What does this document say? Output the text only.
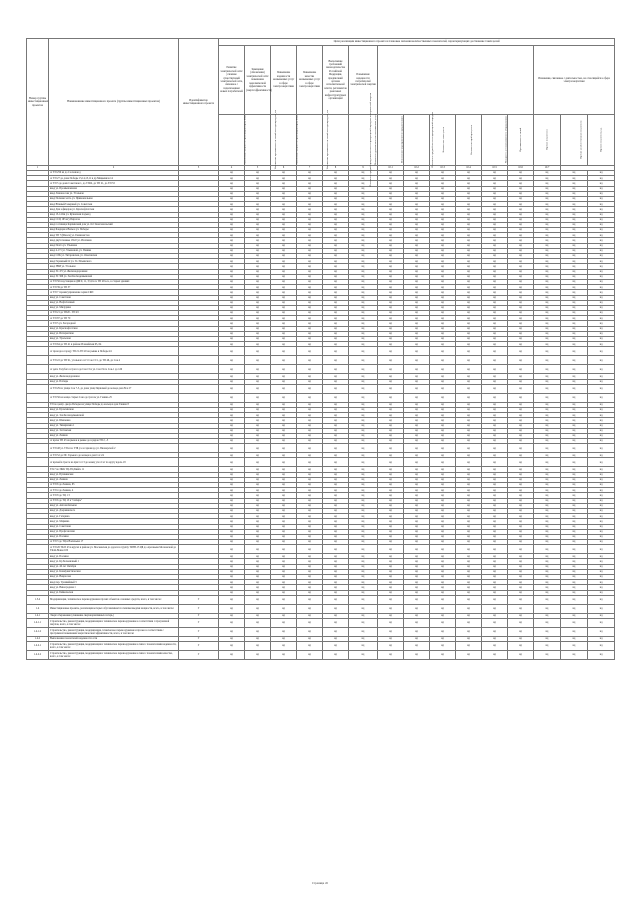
Номер группы инвестиционных проектов	Наименование инвестиционного проекта (группы инвестиционных проектов)	Идентификатор инвестиционного проекта	Цели реализации инвестиционного проекта и плановые значения количественных показателей, характеризующих достижение таких целей														
			Развитие электрической сети/усиление существующей электрической сети, связанное с подключением новых потребителей	Замещение (обновление) электрической сети/повышение экономической эффективности (энергоэффективности)	Повышение надежности оказываемых услуг в сфере электроэнергетики	Повышение качества оказываемых услуг в сфере электроэнергетики	Выполнение требований законодательства Российской Федерации, предписаний органов исполнительной власти, регламентов рыночных инфраструктурных организаций	Повышение надежности потребителей электрической энергии							Изменения, связанные с деятельностью, не относящейся к сфере электроэнергетики		
			Увеличение мощности трансформаторов, МВА	Увеличение протяженности линий электропередачи, км	Увеличение мощности трансформаторов, МВА	Увеличение протяженности линий электропередачи, км	Показатель средней продолжительности прекращений передачи электрической энергии	Показатель уровня качества оказываемых услуг	Исполнение мероприятий по предписаниям	Показатель средней частоты прекращений передачи	Количество точек учета	Количество приборов учета	Мощность устанавливаемого оборудования	Протяженность линий	Прочие показатели	Прочие количественные показатели	Прочие показатели, ед.
1	2	3	4	5	6	7	8	9	10.1	10.2	10.3	10.4	10.5	10.6	10.7		
	от ТП 256 яч до Сосновая д		нд	нд	нд	нд	нд	нд	нд	нд	нд	нд	нд	нд	нд	нд	нд
	от ТП 27 до дома Победы 15,14,13,11 и др Мицкевича 14		нд	нд	нд	нд	нд	нд	нд	нд	нд	нд	нд	нд	нд	нд	нд
	от ТП 5 до дома Советская 1, до ТП22, до ТП 21, до ТП 53		нд	нд	нд	нд	нд	нд	нд	нд	нд	нд	нд	нд	нд	нд	нд
	ввод ул. Промышленная		нд	нд	нд	нд	нд	нд	нд	нд	нд	нд	нд	нд	нд	нд	нд
	ввод Ломоносова ул. Угольная		нд	нд	нд	нд	нд	нд	нд	нд	нд	нд	нд	нд	нд	нд	нд
	ввод Полевая часть ул. Привокзальная		нд	нд	нд	нд	нд	нд	нд	нд	нд	нд	нд	нд	нд	нд	нд
	ввод Южный/Северный ул. Советская		нд	нд	нд	нд	нд	нд	нд	нд	нд	нд	нд	нд	нд	нд	нд
	ввод Дом офицеров ул. Краснофлотская		нд	нд	нд	нд	нд	нд	нд	нд	нд	нд	нд	нд	нд	нд	нд
	ввод 13-14 Кв ул. Кузнечная подъезд		нд	нд	нд	нд	нд	нд	нд	нд	нд	нд	нд	нд	нд	нд	нд
	ввод ССЦ 165 кгу Пирогов		нд	нд	нд	нд	нд	нд	нд	нд	нд	нд	нд	нд	нд	нд	нд
	ввод гостиница Карпинский дом ул. Ост Комсомольский		нд	нд	нд	нд	нд	нд	нд	нд	нд	нд	нд	нд	нд	нд	нд
	ввод Бондари в Вильсе ул. Победы		нд	нд	нд	нд	нд	нд	нд	нд	нд	нд	нд	нд	нд	нд	нд
	ввод ТП 7 (Школа) ул. Гимназистов		нд	нд	нд	нд	нд	нд	нд	нд	нд	нд	нд	нд	нд	нд	нд
	ввод двухэтажные 18/22 ул. Изоткина		нд	нд	нд	нд	нд	нд	нд	нд	нд	нд	нд	нд	нд	нд	нд
	ввод Почта ул. Ульянова		нд	нд	нд	нд	нд	нд	нд	нд	нд	нд	нд	нд	нд	нд	нд
	ввод 4-171 ул. Ульяновой, ул. Паника		нд	нд	нд	нд	нд	нд	нд	нд	нд	нд	нд	нд	нд	нд	нд
	ввод СЛК ул. Титаровская, ул. Ольгинская		нд	нд	нд	нд	нд	нд	нд	нд	нд	нд	нд	нд	нд	нд	нд
	ввод Гаражный/12 ул. Гл. Ильинского		нд	нд	нд	нд	нд	нд	нд	нд	нд	нд	нд	нд	нд	нд	нд
	ввод ЗВМ ул. Угольная		нд	нд	нд	нд	нд	нд	нд	нд	нд	нд	нд	нд	нд	нд	нд
	ввод ЗС-3/5 ул. Железнодорожная		нд	нд	нд	нд	нд	нд	нд	нд	нд	нд	нд	нд	нд	нд	нд
	ввод ЗС 366 ул. Зои Космодемьянской		нд	нд	нд	нд	нд	нд	нд	нд	нд	нд	нд	нд	нд	нд	нд
	от ТП 56 подстанции и ДШ 9, 11, 3,5,6 в п. ТП 48 к.п., в старых зданиях		нд	нд	нд	нд	нд	нд	нд	нд	нд	нд	нд	нд	нд	нд	нд
	от ТП 39 до ТП 37		нд	нд	нд	нд	нд	нд	нд	нд	нд	нд	нд	нд	нд	нд	нд
	от ТП 7 гаражи/управление серии СКП		нд	нд	нд	нд	нд	нд	нд	нд	нд	нд	нд	нд	нд	нд	нд
	ввод ул. Советская		нд	нд	нд	нд	нд	нд	нд	нд	нд	нд	нд	нд	нд	нд	нд
	ввод ул. Нефтебазный		нд	нд	нд	нд	нд	нд	нд	нд	нд	нд	нд	нд	нд	нд	нд
	ввод ул. Мичурина		нд	нд	нд	нд	нд	нд	нд	нд	нд	нд	нд	нд	нд	нд	нд
	от ТП 21 до ТП20 - ТП 43		нд	нд	нд	нд	нд	нд	нд	нд	нд	нд	нд	нд	нд	нд	нд
	от ТП 87 до ТП 70		нд	нд	нд	нд	нд	нд	нд	нд	нд	нд	нд	нд	нд	нд	нд
	от ТП 5 ул. Загородной		нд	нд	нд	нд	нд	нд	нд	нд	нд	нд	нд	нд	нд	нд	нд
	ввод ул. Краснофлотская		нд	нд	нд	нд	нд	нд	нд	нд	нд	нд	нд	нд	нд	нд	нд
	ввод ул. Интернатная		нд	нд	нд	нд	нд	нд	нд	нд	нд	нд	нд	нд	нд	нд	нд
	ввод ул. Уральская		нд	нд	нд	нд	нд	нд	нд	нд	нд	нд	нд	нд	нд	нд	нд
	от ТП 64 до ТП 41 в районе Иловайская 65, 64		нд	нд	нд	нд	нд	нд	нд	нд	нд	нд	нд	нд	нд	нд	нд
	от проезда к городу ТП 21-ТП 20 на рынке в Победы 24		нд	нд	нд	нд	нд	нд	нд	нд	нд	нд	нд	нд	нд	нд	нд
	от ТП 22 до ТП 91, угольного п/ст Сок 15/1, до ТП 46, до Сок 4		нд	нд	нд	нд	нд	нд	нд	нд	нд	нд	нд	нд	нд	нд	нд
	от депо Голубого в трасса до Сан 15 и ул. Сан 19 по Сок-1 до 126		нд	нд	нд	нд	нд	нд	нд	нд	нд	нд	нд	нд	нд	нд	нд
	ввод ул. Железнодорожная		нд	нд	нд	нд	нд	нд	нд	нд	нд	нд	нд	нд	нд	нд	нд
	ввод ул. Победы		нд	нд	нд	нд	нд	нд	нд	нд	нд	нд	нд	нд	нд	нд	нд
	от ТП 29 по улице Сок 7-5, до дома улиц Первомай до кольца дом 29 и 27		нд	нд	нд	нд	нд	нд	нд	нд	нд	нд	нд	нд	нд	нд	нд
	от ТП 56 на конце старых Сока до трассы ул. Ганина-25		нд	нд	нд	нд	нд	нд	нд	нд	нд	нд	нд	нд	нд	нд	нд
	ТП по центр. двора Победы на улице Победы до кольца в дом Ганина 8		нд	нд	нд	нд	нд	нд	нд	нд	нд	нд	нд	нд	нд	нд	нд
	ввод ул. Бусыгинская		нд	нд	нд	нд	нд	нд	нд	нд	нд	нд	нд	нд	нд	нд	нд
	ввод ул. Зои Космодемьянской		нд	нд	нд	нд	нд	нд	нд	нд	нд	нд	нд	нд	нд	нд	нд
	ввод ул. Шевченко		нд	нд	нд	нд	нд	нд	нд	нд	нд	нд	нд	нд	нд	нд	нд
	ввод ул. Тимирязева 1		нд	нд	нд	нд	нд	нд	нд	нд	нд	нд	нд	нд	нд	нд	нд
	ввод ул. Заставская		нд	нд	нд	нд	нд	нд	нд	нд	нд	нд	нд	нд	нд	нд	нд
	ввод ул. Ленина		нд	нд	нд	нд	нд	нд	нд	нд	нд	нд	нд	нд	нд	нд	нд
	от врача ТП 43 на рынок в рынке до в рядов ТП 2, -3		нд	нд	нд	нд	нд	нд	нд	нд	нд	нд	нд	нд	нд	нд	нд
	от ТП 48 ул. ТП и по УЗБ ул. в гаражи до ул. Пионерской 2		нд	нд	нд	нд	нд	нд	нд	нд	нд	нд	нд	нд	нд	нд	нд
	от ТП 52 до ПС Горького до кольца в дом Сот 24		нд	нд	нд	нд	нд	нд	нд	нд	нд	нд	нд	нд	нд	нд	нд
	от врачей в трассе на при Сот 3 до конец угол Сот по кругу вдоль 18		нд	нд	нд	нд	нд	нд	нд	нд	нд	нд	нд	нд	нд	нд	нд
	ТП-7 по ПКК ТЦ-ТЦ-Бийск 11		нд	нд	нд	нд	нд	нд	нд	нд	нд	нд	нд	нд	нд	нд	нд
	ввод ул. Пушкинская		нд	нд	нд	нд	нд	нд	нд	нд	нд	нд	нд	нд	нд	нд	нд
	ввод ул. Ленина		нд	нд	нд	нд	нд	нд	нд	нд	нд	нд	нд	нд	нд	нд	нд
	от ТП 6 до Ленина, 65		нд	нд	нд	нд	нд	нд	нд	нд	нд	нд	нд	нд	нд	нд	нд
	от ТП 4 до Ленина, 4		нд	нд	нд	нд	нд	нд	нд	нд	нд	нд	нд	нд	нд	нд	нд
	от ТП 8 до ТЦ 1 3		нд	нд	нд	нд	нд	нд	нд	нд	нд	нд	нд	нд	нд	нд	нд
	от ТП 6 до ТЦ 13 в "Сибирь"		нд	нд	нд	нд	нд	нд	нд	нд	нд	нд	нд	нд	нд	нд	нд
	ввод ул. Автомобильная		нд	нд	нд	нд	нд	нд	нд	нд	нд	нд	нд	нд	нд	нд	нд
	ввод ул. Дзержинского		нд	нд	нд	нд	нд	нд	нд	нд	нд	нд	нд	нд	нд	нд	нд
	ввод ул. Гагарина		нд	нд	нд	нд	нд	нд	нд	нд	нд	нд	нд	нд	нд	нд	нд
	ввод ул. Маркина		нд	нд	нд	нд	нд	нд	нд	нд	нд	нд	нд	нд	нд	нд	нд
	ввод ул. Советская		нд	нд	нд	нд	нд	нд	нд	нд	нд	нд	нд	нд	нд	нд	нд
	ввод ул. Профсоюзная		нд	нд	нд	нд	нд	нд	нд	нд	нд	нд	нд	нд	нд	нд	нд
	ввод ул. Полевая		нд	нд	нд	нд	нд	нд	нд	нд	нд	нд	нд	нд	нд	нд	нд
	от ТП 3 до ТЦ и Васильева 17		нд	нд	нд	нд	нд	нд	нд	нд	нд	нд	нд	нд	нд	нд	нд
	от ТП 26 ТК П 43 в кругах в районе ул. Московская до дороги в группу ТРЛВ-13 ЦБ до Арсеньева Московской до ТК44-Новая 100		нд	нд	нд	нд	нд	нд	нд	нд	нд	нд	нд	нд	нд	нд	нд
	ввод ул. Полевая		нд	нд	нд	нд	нд	нд	нд	нд	нд	нд	нд	нд	нд	нд	нд
	ввод ул. Кр Больничный 1		нд	нд	нд	нд	нд	нд	нд	нд	нд	нд	нд	нд	нд	нд	нд
	ввод ул. 40 лет Октября		нд	нд	нд	нд	нд	нд	нд	нд	нд	нд	нд	нд	нд	нд	нд
	ввод ул. Коммунистическая		нд	нд	нд	нд	нд	нд	нд	нд	нд	нд	нд	нд	нд	нд	нд
	ввод ул. Некрасова		нд	нд	нд	нд	нд	нд	нд	нд	нд	нд	нд	нд	нд	нд	нд
	ввод пер. Трамвайный 3		нд	нд	нд	нд	нд	нд	нд	нд	нд	нд	нд	нд	нд	нд	нд
	ввод ул. Виноградная 1		нд	нд	нд	нд	нд	нд	нд	нд	нд	нд	нд	нд	нд	нд	нд
	ввод ул. Байкальская		нд	нд	нд	нд	нд	нд	нд	нд	нд	нд	нд	нд	нд	нд	нд
1.3.4	Модернизация, техническое перевооружение прочих объектов основных средств, всего, в том числе:	Г	нд	нд	нд	нд	нд	нд	нд	нд	нд	нд	нд	нд	нд	нд	нд
1.4	Инвестиционные проекты, реализация которых обуславливается схемами выдачи мощности, всего, в том числе:	Г	нд	нд	нд	нд	нд	нд	нд	нд	нд	нд	нд	нд	нд	нд	нд
1.4.1	Энергосбережение (снижение сверхнормативных потерь)	Г	нд	нд	нд	нд	нд	нд	нд	нд	нд	нд	нд	нд	нд	нд	нд
1.4.1.1	Строительство, реконструкция, модернизация и техническое перевооружение в соответствии с программой закупок, всего, в том числе:	Г	нд	нд	нд	нд	нд	нд	нд	нд	нд	нд	нд	нд	нд	нд	нд
1.4.1.2	Строительство, реконструкция, модернизация, техническое перевооружение и прочее в соответствии с программой повышения энергетической эффективности, всего, в том числе:	Г	нд	нд	нд	нд	нд	нд	нд	нд	нд	нд	нд	нд	нд	нд	нд
1.4.2	Выполнение показателей надежности сети	Г	нд	нд	нд	нд	нд	нд	нд	нд	нд	нд	нд	нд	нд	нд	нд
1.4.2.1	Строительство, реконструкция, модернизация и техническое перевооружение в связи с показателями надежности, всего, в том числе:	Г	нд	нд	нд	нд	нд	нд	нд	нд	нд	нд	нд	нд	нд	нд	нд
1.4.2.2	Строительство, реконструкция, модернизация и техническое перевооружение в связи с показателями качества, всего, в том числе:	Г	нд	нд	нд	нд	нд	нд	нд	нд	нд	нд	нд	нд	нд	нд	нд
Страница 45
